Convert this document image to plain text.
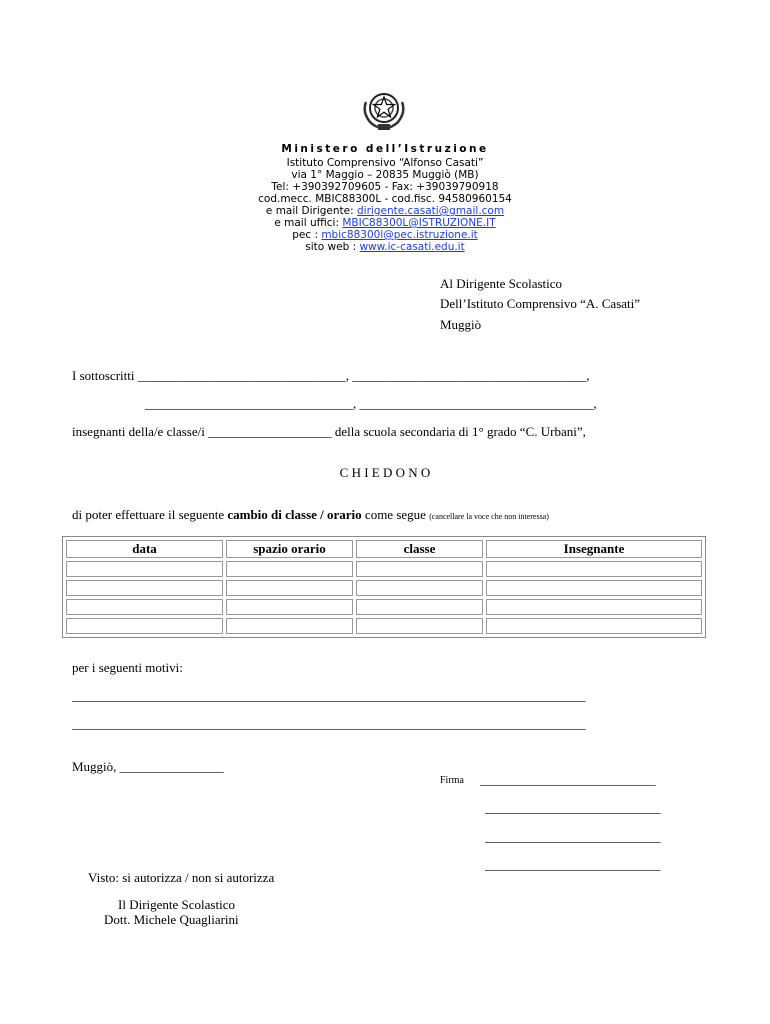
Ministero dell’Istruzione
Istituto Comprensivo “Alfonso Casati”
via 1° Maggio – 20835 Muggiò (MB)
Tel: +390392709605 - Fax: +39039790918
cod.mecc. MBIC88300L - cod.fisc. 94580960154
e mail Dirigente: dirigente.casati@gmail.com
e mail uffici: MBIC88300L@ISTRUZIONE.IT
pec : mbic88300l@pec.istruzione.it
sito web : www.ic-casati.edu.it
Al Dirigente Scolastico
Dell’Istituto Comprensivo “A. Casati”
Muggiò
I sottoscritti ________________________________, ____________________________________,
________________________________, ____________________________________,
insegnanti della/e classe/i ___________________ della scuola secondaria di 1° grado “C. Urbani”,
C H I E D O N O
di poter effettuare il seguente cambio di classe / orario come segue (cancellare la voce che non interessa)
data	spazio orario	classe	Insegnante

per i seguenti motivi:
_______________________________________________________________________________
_______________________________________________________________________________
Muggiò, ________________
Firma ___________________________
___________________________
___________________________
___________________________
Visto: si autorizza / non si autorizza
Il Dirigente Scolastico
Dott. Michele Quagliarini
